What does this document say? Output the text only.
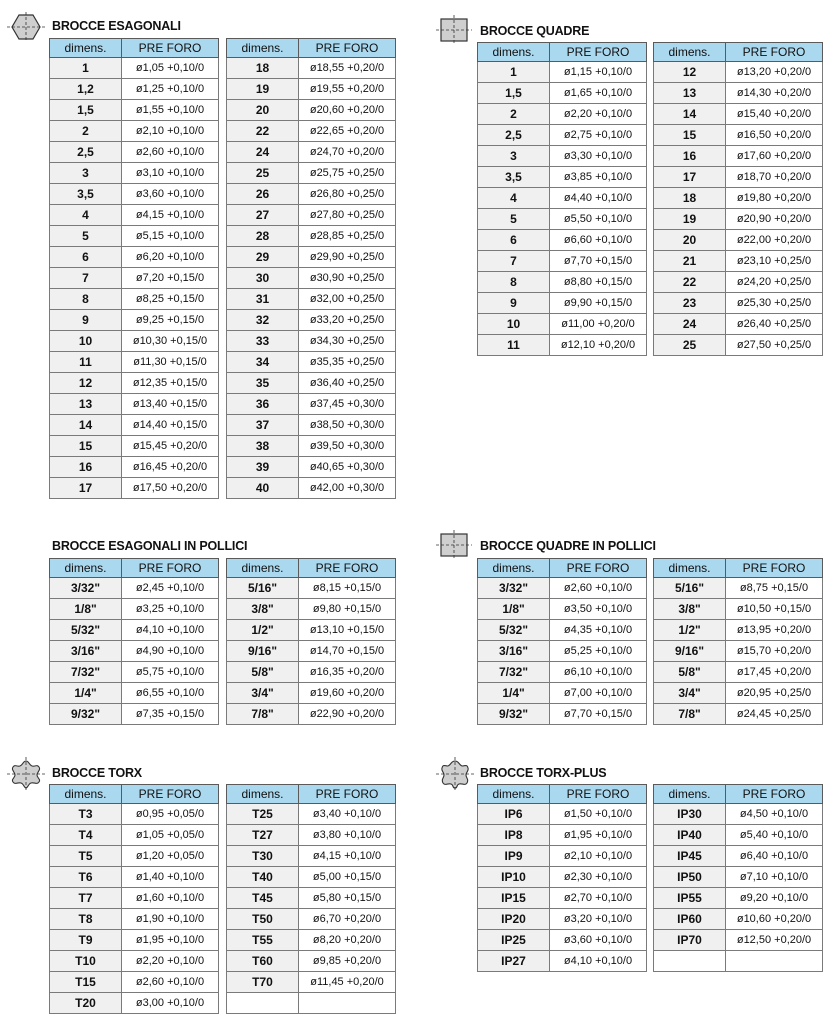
BROCCE ESAGONALI
dimens.	PRE FORO
1	ø1,05 +0,10/0
1,2	ø1,25 +0,10/0
1,5	ø1,55 +0,10/0
2	ø2,10 +0,10/0
2,5	ø2,60 +0,10/0
3	ø3,10 +0,10/0
3,5	ø3,60 +0,10/0
4	ø4,15 +0,10/0
5	ø5,15 +0,10/0
6	ø6,20 +0,10/0
7	ø7,20 +0,15/0
8	ø8,25 +0,15/0
9	ø9,25 +0,15/0
10	ø10,30 +0,15/0
11	ø11,30 +0,15/0
12	ø12,35 +0,15/0
13	ø13,40 +0,15/0
14	ø14,40 +0,15/0
15	ø15,45 +0,20/0
16	ø16,45 +0,20/0
17	ø17,50 +0,20/0
dimens.	PRE FORO
18	ø18,55 +0,20/0
19	ø19,55 +0,20/0
20	ø20,60 +0,20/0
22	ø22,65 +0,20/0
24	ø24,70 +0,20/0
25	ø25,75 +0,25/0
26	ø26,80 +0,25/0
27	ø27,80 +0,25/0
28	ø28,85 +0,25/0
29	ø29,90 +0,25/0
30	ø30,90 +0,25/0
31	ø32,00 +0,25/0
32	ø33,20 +0,25/0
33	ø34,30 +0,25/0
34	ø35,35 +0,25/0
35	ø36,40 +0,25/0
36	ø37,45 +0,30/0
37	ø38,50 +0,30/0
38	ø39,50 +0,30/0
39	ø40,65 +0,30/0
40	ø42,00 +0,30/0
BROCCE QUADRE
dimens.	PRE FORO
1	ø1,15 +0,10/0
1,5	ø1,65 +0,10/0
2	ø2,20 +0,10/0
2,5	ø2,75 +0,10/0
3	ø3,30 +0,10/0
3,5	ø3,85 +0,10/0
4	ø4,40 +0,10/0
5	ø5,50 +0,10/0
6	ø6,60 +0,10/0
7	ø7,70 +0,15/0
8	ø8,80 +0,15/0
9	ø9,90 +0,15/0
10	ø11,00 +0,20/0
11	ø12,10 +0,20/0
dimens.	PRE FORO
12	ø13,20 +0,20/0
13	ø14,30 +0,20/0
14	ø15,40 +0,20/0
15	ø16,50 +0,20/0
16	ø17,60 +0,20/0
17	ø18,70 +0,20/0
18	ø19,80 +0,20/0
19	ø20,90 +0,20/0
20	ø22,00 +0,20/0
21	ø23,10 +0,25/0
22	ø24,20 +0,25/0
23	ø25,30 +0,25/0
24	ø26,40 +0,25/0
25	ø27,50 +0,25/0
BROCCE ESAGONALI IN POLLICI
dimens.	PRE FORO
3/32"	ø2,45 +0,10/0
1/8"	ø3,25 +0,10/0
5/32"	ø4,10 +0,10/0
3/16"	ø4,90 +0,10/0
7/32"	ø5,75 +0,10/0
1/4"	ø6,55 +0,10/0
9/32"	ø7,35 +0,15/0
dimens.	PRE FORO
5/16"	ø8,15 +0,15/0
3/8"	ø9,80 +0,15/0
1/2"	ø13,10 +0,15/0
9/16"	ø14,70 +0,15/0
5/8"	ø16,35 +0,20/0
3/4"	ø19,60 +0,20/0
7/8"	ø22,90 +0,20/0
BROCCE QUADRE IN POLLICI
dimens.	PRE FORO
3/32"	ø2,60 +0,10/0
1/8"	ø3,50 +0,10/0
5/32"	ø4,35 +0,10/0
3/16"	ø5,25 +0,10/0
7/32"	ø6,10 +0,10/0
1/4"	ø7,00 +0,10/0
9/32"	ø7,70 +0,15/0
dimens.	PRE FORO
5/16"	ø8,75 +0,15/0
3/8"	ø10,50 +0,15/0
1/2"	ø13,95 +0,20/0
9/16"	ø15,70 +0,20/0
5/8"	ø17,45 +0,20/0
3/4"	ø20,95 +0,25/0
7/8"	ø24,45 +0,25/0
BROCCE TORX
dimens.	PRE FORO
T3	ø0,95 +0,05/0
T4	ø1,05 +0,05/0
T5	ø1,20 +0,05/0
T6	ø1,40 +0,10/0
T7	ø1,60 +0,10/0
T8	ø1,90 +0,10/0
T9	ø1,95 +0,10/0
T10	ø2,20 +0,10/0
T15	ø2,60 +0,10/0
T20	ø3,00 +0,10/0
dimens.	PRE FORO
T25	ø3,40 +0,10/0
T27	ø3,80 +0,10/0
T30	ø4,15 +0,10/0
T40	ø5,00 +0,15/0
T45	ø5,80 +0,15/0
T50	ø6,70 +0,20/0
T55	ø8,20 +0,20/0
T60	ø9,85 +0,20/0
T70	ø11,45 +0,20/0

BROCCE TORX-PLUS
dimens.	PRE FORO
IP6	ø1,50 +0,10/0
IP8	ø1,95 +0,10/0
IP9	ø2,10 +0,10/0
IP10	ø2,30 +0,10/0
IP15	ø2,70 +0,10/0
IP20	ø3,20 +0,10/0
IP25	ø3,60 +0,10/0
IP27	ø4,10 +0,10/0
dimens.	PRE FORO
IP30	ø4,50 +0,10/0
IP40	ø5,40 +0,10/0
IP45	ø6,40 +0,10/0
IP50	ø7,10 +0,10/0
IP55	ø9,20 +0,10/0
IP60	ø10,60 +0,20/0
IP70	ø12,50 +0,20/0
